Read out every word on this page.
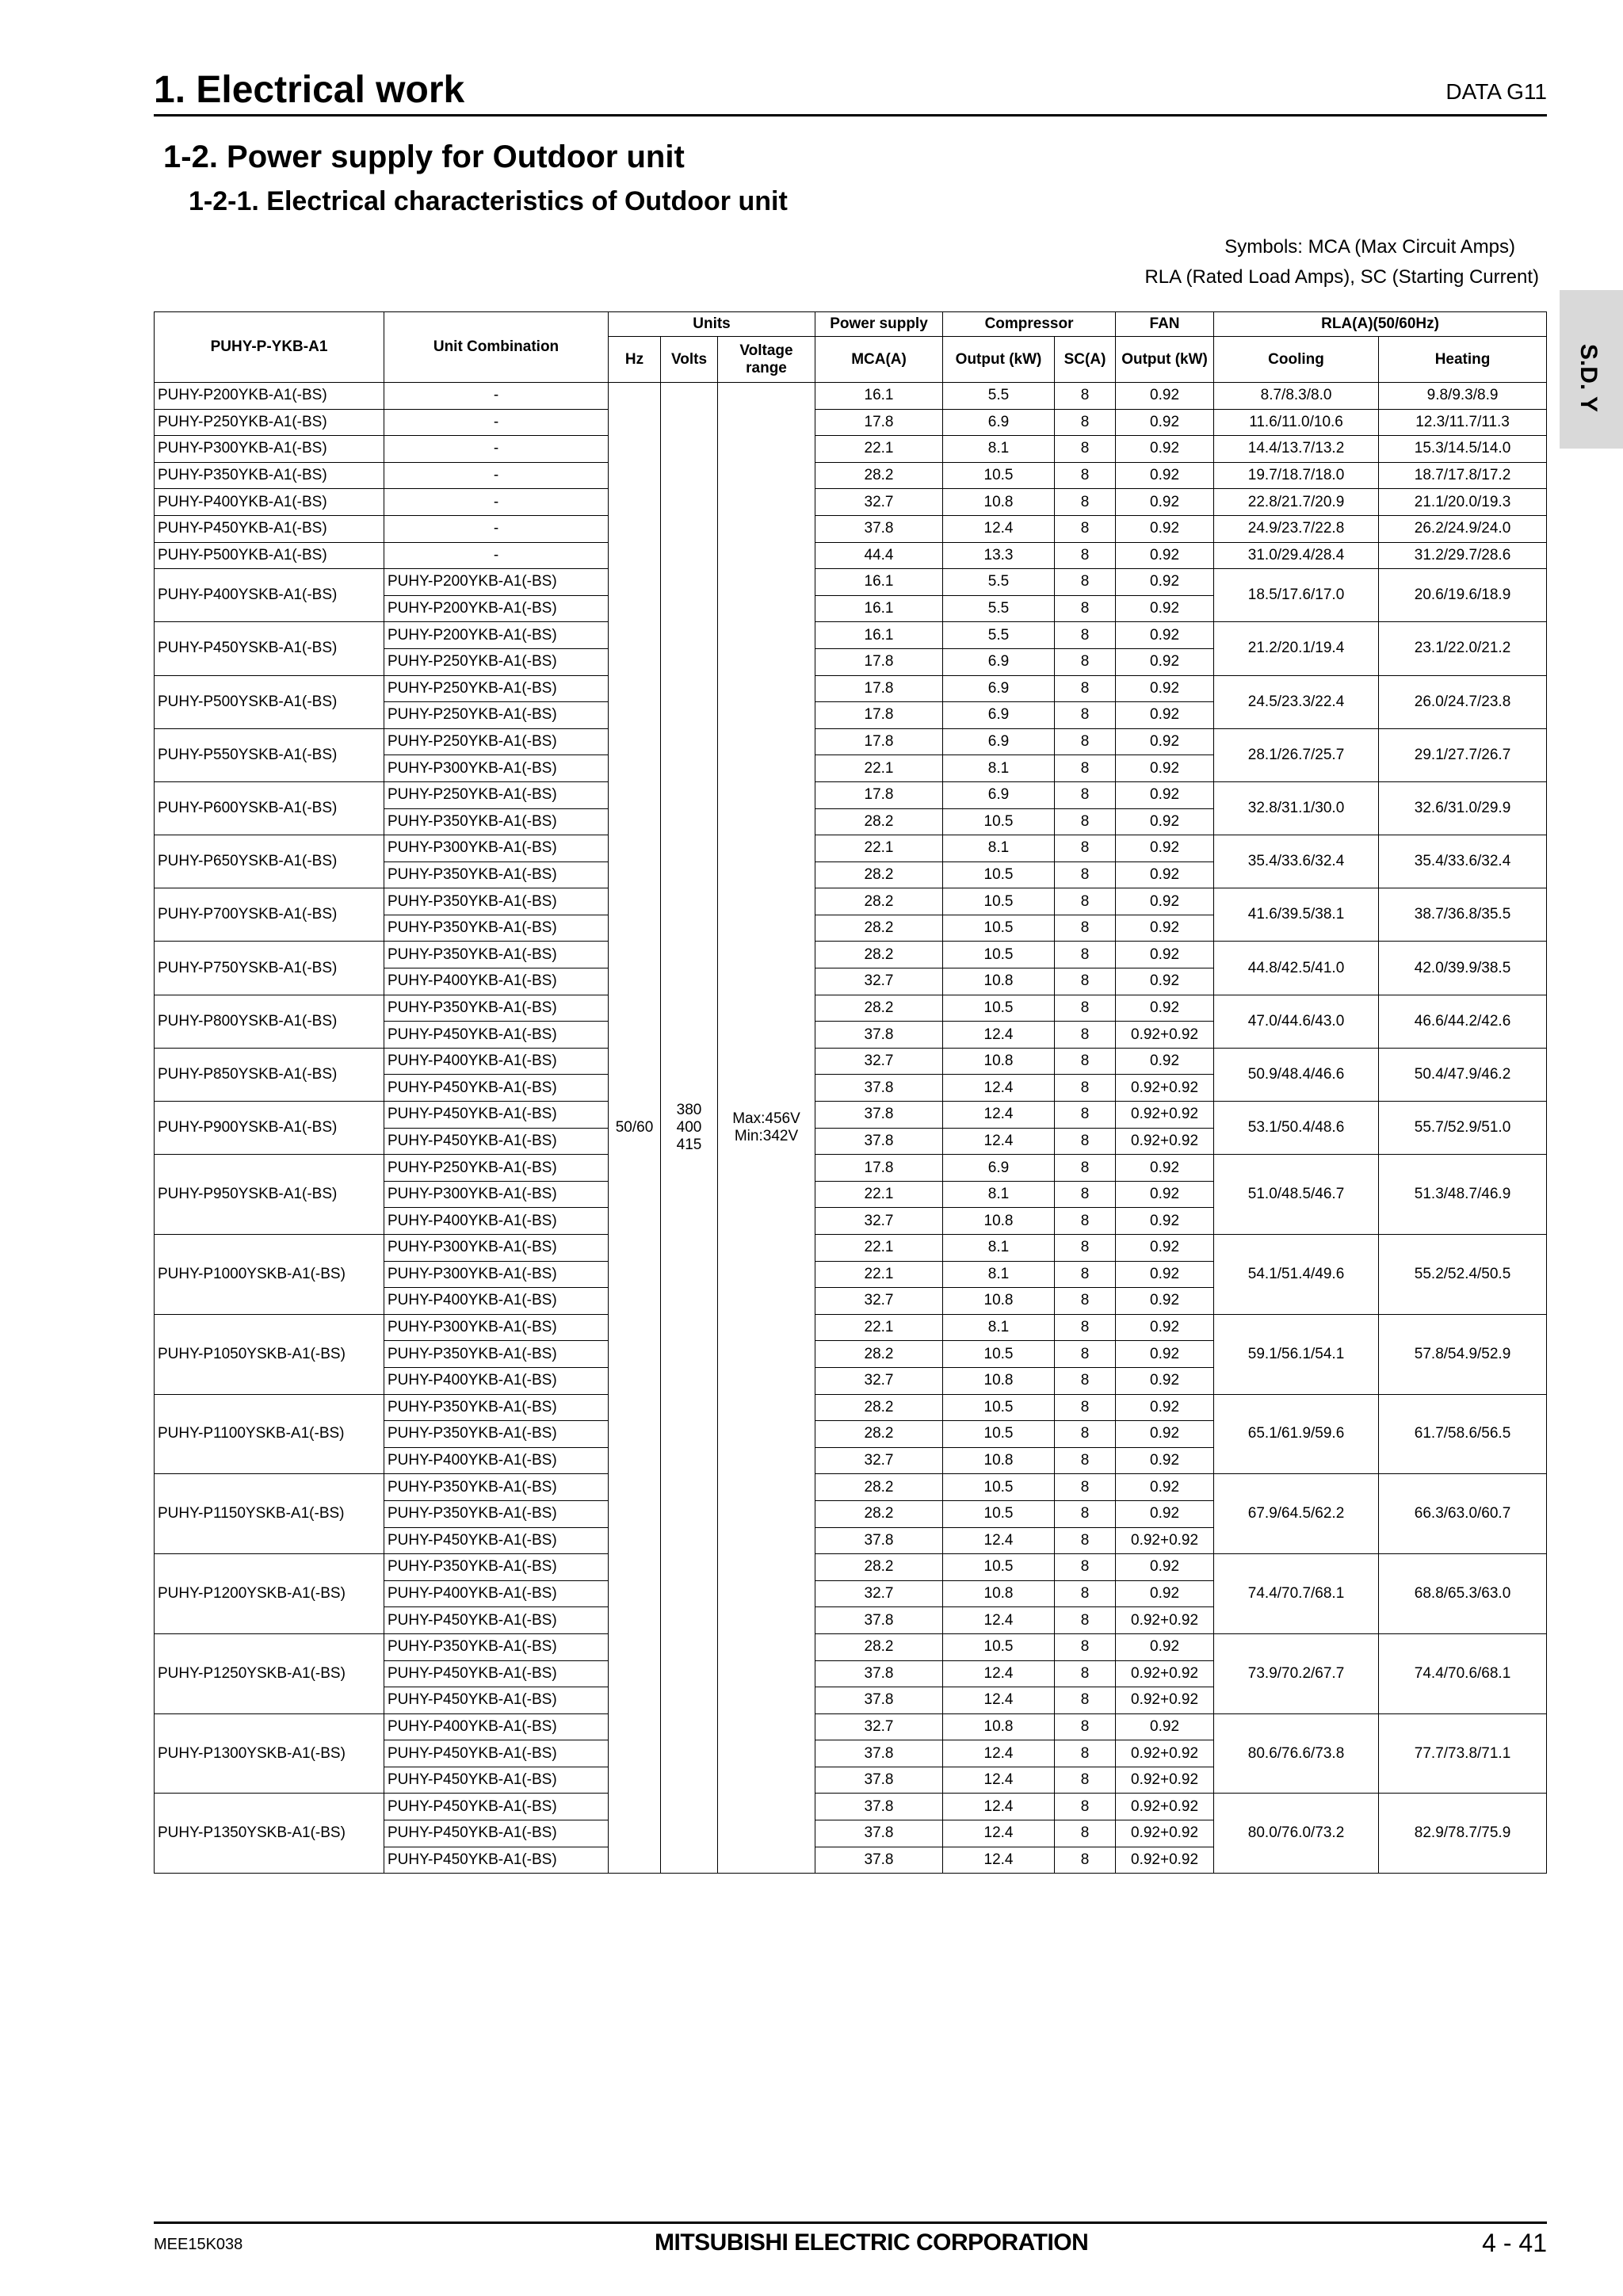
1. Electrical work	DATA G11
1-2. Power supply for Outdoor unit
1-2-1. Electrical characteristics of Outdoor unit
Symbols: MCA (Max Circuit Amps)
RLA (Rated Load Amps), SC (Starting Current)
S.D. Y
PUHY-P-YKB-A1	Unit Combination	Units			Power supply	Compressor		FAN	RLA(A)(50/60Hz)	
		Hz	Volts	Voltage range	MCA(A)	Output (kW)	SC(A)	Output (kW)	Cooling	Heating
PUHY-P200YKB-A1(-BS)	-	50/60	380
400
415	Max:456V
Min:342V	16.1	5.5	8	0.92	8.7/8.3/8.0	9.8/9.3/8.9
PUHY-P250YKB-A1(-BS)	-				17.8	6.9	8	0.92	11.6/11.0/10.6	12.3/11.7/11.3
PUHY-P300YKB-A1(-BS)	-				22.1	8.1	8	0.92	14.4/13.7/13.2	15.3/14.5/14.0
PUHY-P350YKB-A1(-BS)	-				28.2	10.5	8	0.92	19.7/18.7/18.0	18.7/17.8/17.2
PUHY-P400YKB-A1(-BS)	-				32.7	10.8	8	0.92	22.8/21.7/20.9	21.1/20.0/19.3
PUHY-P450YKB-A1(-BS)	-				37.8	12.4	8	0.92	24.9/23.7/22.8	26.2/24.9/24.0
PUHY-P500YKB-A1(-BS)	-				44.4	13.3	8	0.92	31.0/29.4/28.4	31.2/29.7/28.6
PUHY-P400YSKB-A1(-BS)	PUHY-P200YKB-A1(-BS)				16.1	5.5	8	0.92	18.5/17.6/17.0	20.6/19.6/18.9
	PUHY-P200YKB-A1(-BS)				16.1	5.5	8	0.92		
PUHY-P450YSKB-A1(-BS)	PUHY-P200YKB-A1(-BS)				16.1	5.5	8	0.92	21.2/20.1/19.4	23.1/22.0/21.2
	PUHY-P250YKB-A1(-BS)				17.8	6.9	8	0.92		
PUHY-P500YSKB-A1(-BS)	PUHY-P250YKB-A1(-BS)				17.8	6.9	8	0.92	24.5/23.3/22.4	26.0/24.7/23.8
	PUHY-P250YKB-A1(-BS)				17.8	6.9	8	0.92		
PUHY-P550YSKB-A1(-BS)	PUHY-P250YKB-A1(-BS)				17.8	6.9	8	0.92	28.1/26.7/25.7	29.1/27.7/26.7
	PUHY-P300YKB-A1(-BS)				22.1	8.1	8	0.92		
PUHY-P600YSKB-A1(-BS)	PUHY-P250YKB-A1(-BS)				17.8	6.9	8	0.92	32.8/31.1/30.0	32.6/31.0/29.9
	PUHY-P350YKB-A1(-BS)				28.2	10.5	8	0.92		
PUHY-P650YSKB-A1(-BS)	PUHY-P300YKB-A1(-BS)				22.1	8.1	8	0.92	35.4/33.6/32.4	35.4/33.6/32.4
	PUHY-P350YKB-A1(-BS)				28.2	10.5	8	0.92		
PUHY-P700YSKB-A1(-BS)	PUHY-P350YKB-A1(-BS)				28.2	10.5	8	0.92	41.6/39.5/38.1	38.7/36.8/35.5
	PUHY-P350YKB-A1(-BS)				28.2	10.5	8	0.92		
PUHY-P750YSKB-A1(-BS)	PUHY-P350YKB-A1(-BS)				28.2	10.5	8	0.92	44.8/42.5/41.0	42.0/39.9/38.5
	PUHY-P400YKB-A1(-BS)				32.7	10.8	8	0.92		
PUHY-P800YSKB-A1(-BS)	PUHY-P350YKB-A1(-BS)				28.2	10.5	8	0.92	47.0/44.6/43.0	46.6/44.2/42.6
	PUHY-P450YKB-A1(-BS)				37.8	12.4	8	0.92+0.92		
PUHY-P850YSKB-A1(-BS)	PUHY-P400YKB-A1(-BS)				32.7	10.8	8	0.92	50.9/48.4/46.6	50.4/47.9/46.2
	PUHY-P450YKB-A1(-BS)				37.8	12.4	8	0.92+0.92		
PUHY-P900YSKB-A1(-BS)	PUHY-P450YKB-A1(-BS)				37.8	12.4	8	0.92+0.92	53.1/50.4/48.6	55.7/52.9/51.0
	PUHY-P450YKB-A1(-BS)				37.8	12.4	8	0.92+0.92		
PUHY-P950YSKB-A1(-BS)	PUHY-P250YKB-A1(-BS)				17.8	6.9	8	0.92	51.0/48.5/46.7	51.3/48.7/46.9
	PUHY-P300YKB-A1(-BS)				22.1	8.1	8	0.92		
	PUHY-P400YKB-A1(-BS)				32.7	10.8	8	0.92		
PUHY-P1000YSKB-A1(-BS)	PUHY-P300YKB-A1(-BS)				22.1	8.1	8	0.92	54.1/51.4/49.6	55.2/52.4/50.5
	PUHY-P300YKB-A1(-BS)				22.1	8.1	8	0.92		
	PUHY-P400YKB-A1(-BS)				32.7	10.8	8	0.92		
PUHY-P1050YSKB-A1(-BS)	PUHY-P300YKB-A1(-BS)				22.1	8.1	8	0.92	59.1/56.1/54.1	57.8/54.9/52.9
	PUHY-P350YKB-A1(-BS)				28.2	10.5	8	0.92		
	PUHY-P400YKB-A1(-BS)				32.7	10.8	8	0.92		
PUHY-P1100YSKB-A1(-BS)	PUHY-P350YKB-A1(-BS)				28.2	10.5	8	0.92	65.1/61.9/59.6	61.7/58.6/56.5
	PUHY-P350YKB-A1(-BS)				28.2	10.5	8	0.92		
	PUHY-P400YKB-A1(-BS)				32.7	10.8	8	0.92		
PUHY-P1150YSKB-A1(-BS)	PUHY-P350YKB-A1(-BS)				28.2	10.5	8	0.92	67.9/64.5/62.2	66.3/63.0/60.7
	PUHY-P350YKB-A1(-BS)				28.2	10.5	8	0.92		
	PUHY-P450YKB-A1(-BS)				37.8	12.4	8	0.92+0.92		
PUHY-P1200YSKB-A1(-BS)	PUHY-P350YKB-A1(-BS)				28.2	10.5	8	0.92	74.4/70.7/68.1	68.8/65.3/63.0
	PUHY-P400YKB-A1(-BS)				32.7	10.8	8	0.92		
	PUHY-P450YKB-A1(-BS)				37.8	12.4	8	0.92+0.92		
PUHY-P1250YSKB-A1(-BS)	PUHY-P350YKB-A1(-BS)				28.2	10.5	8	0.92	73.9/70.2/67.7	74.4/70.6/68.1
	PUHY-P450YKB-A1(-BS)				37.8	12.4	8	0.92+0.92		
	PUHY-P450YKB-A1(-BS)				37.8	12.4	8	0.92+0.92		
PUHY-P1300YSKB-A1(-BS)	PUHY-P400YKB-A1(-BS)				32.7	10.8	8	0.92	80.6/76.6/73.8	77.7/73.8/71.1
	PUHY-P450YKB-A1(-BS)				37.8	12.4	8	0.92+0.92		
	PUHY-P450YKB-A1(-BS)				37.8	12.4	8	0.92+0.92		
PUHY-P1350YSKB-A1(-BS)	PUHY-P450YKB-A1(-BS)				37.8	12.4	8	0.92+0.92	80.0/76.0/73.2	82.9/78.7/75.9
	PUHY-P450YKB-A1(-BS)				37.8	12.4	8	0.92+0.92		
	PUHY-P450YKB-A1(-BS)				37.8	12.4	8	0.92+0.92		
MEE15K038	MITSUBISHI ELECTRIC CORPORATION	4 - 41
